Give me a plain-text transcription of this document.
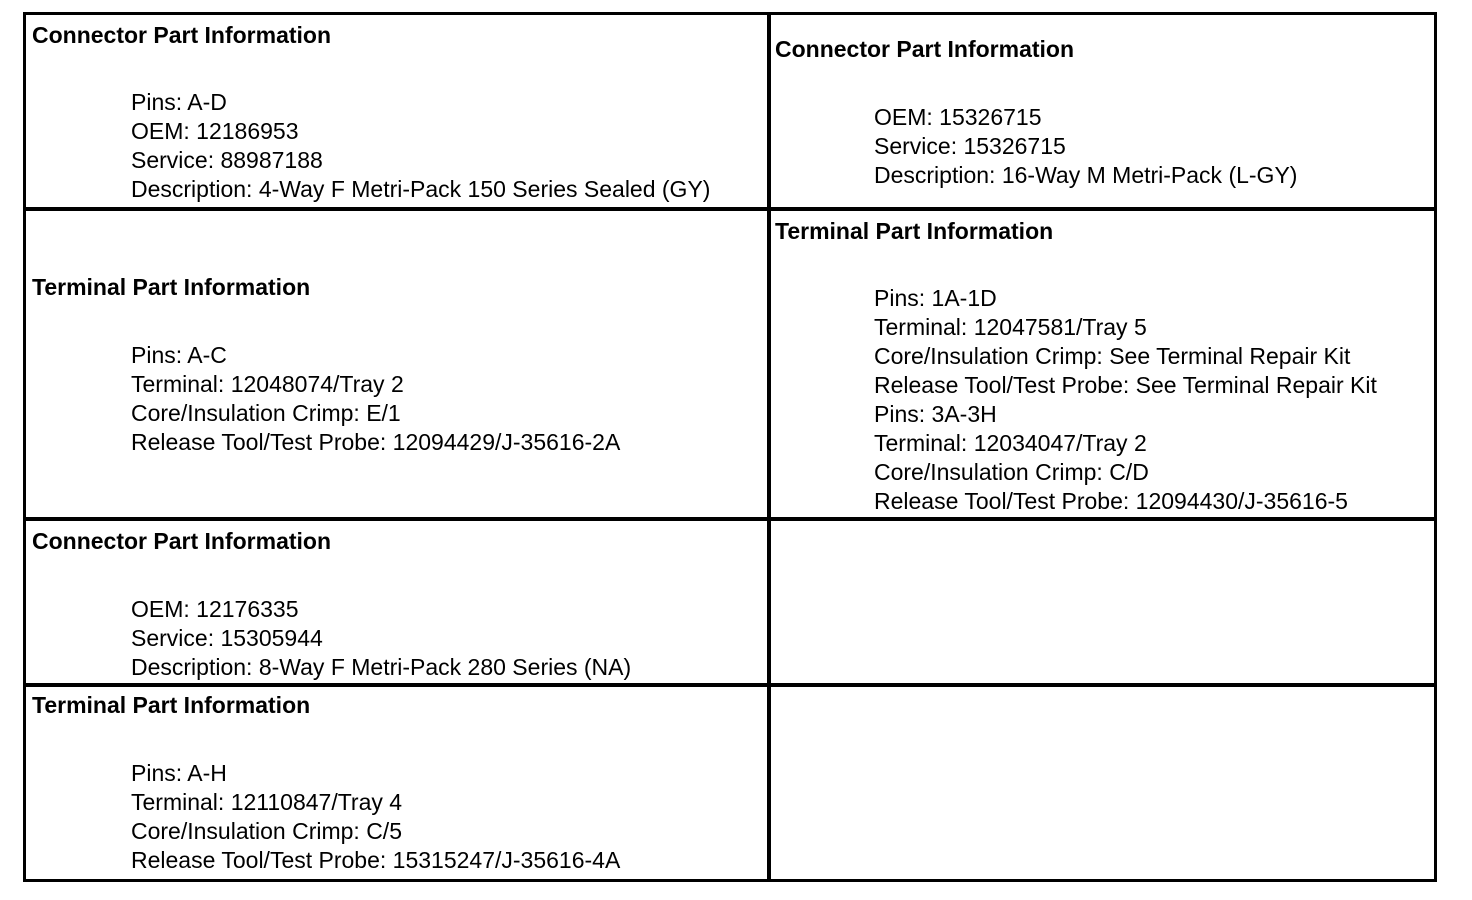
Connector Part Information
Pins: A-D
OEM: 12186953
Service: 88987188
Description: 4-Way F Metri-Pack 150 Series Sealed (GY)
Terminal Part Information
Pins: A-C
Terminal: 12048074/Tray 2
Core/Insulation Crimp: E/1
Release Tool/Test Probe: 12094429/J-35616-2A
Connector Part Information
OEM: 12176335
Service: 15305944
Description: 8-Way F Metri-Pack 280 Series (NA)
Terminal Part Information
Pins: A-H
Terminal: 12110847/Tray 4
Core/Insulation Crimp: C/5
Release Tool/Test Probe: 15315247/J-35616-4A
Connector Part Information
OEM: 15326715
Service: 15326715
Description: 16-Way M Metri-Pack (L-GY)
Terminal Part Information
Pins: 1A-1D
Terminal: 12047581/Tray 5
Core/Insulation Crimp: See Terminal Repair Kit
Release Tool/Test Probe: See Terminal Repair Kit
Pins: 3A-3H
Terminal: 12034047/Tray 2
Core/Insulation Crimp: C/D
Release Tool/Test Probe: 12094430/J-35616-5
